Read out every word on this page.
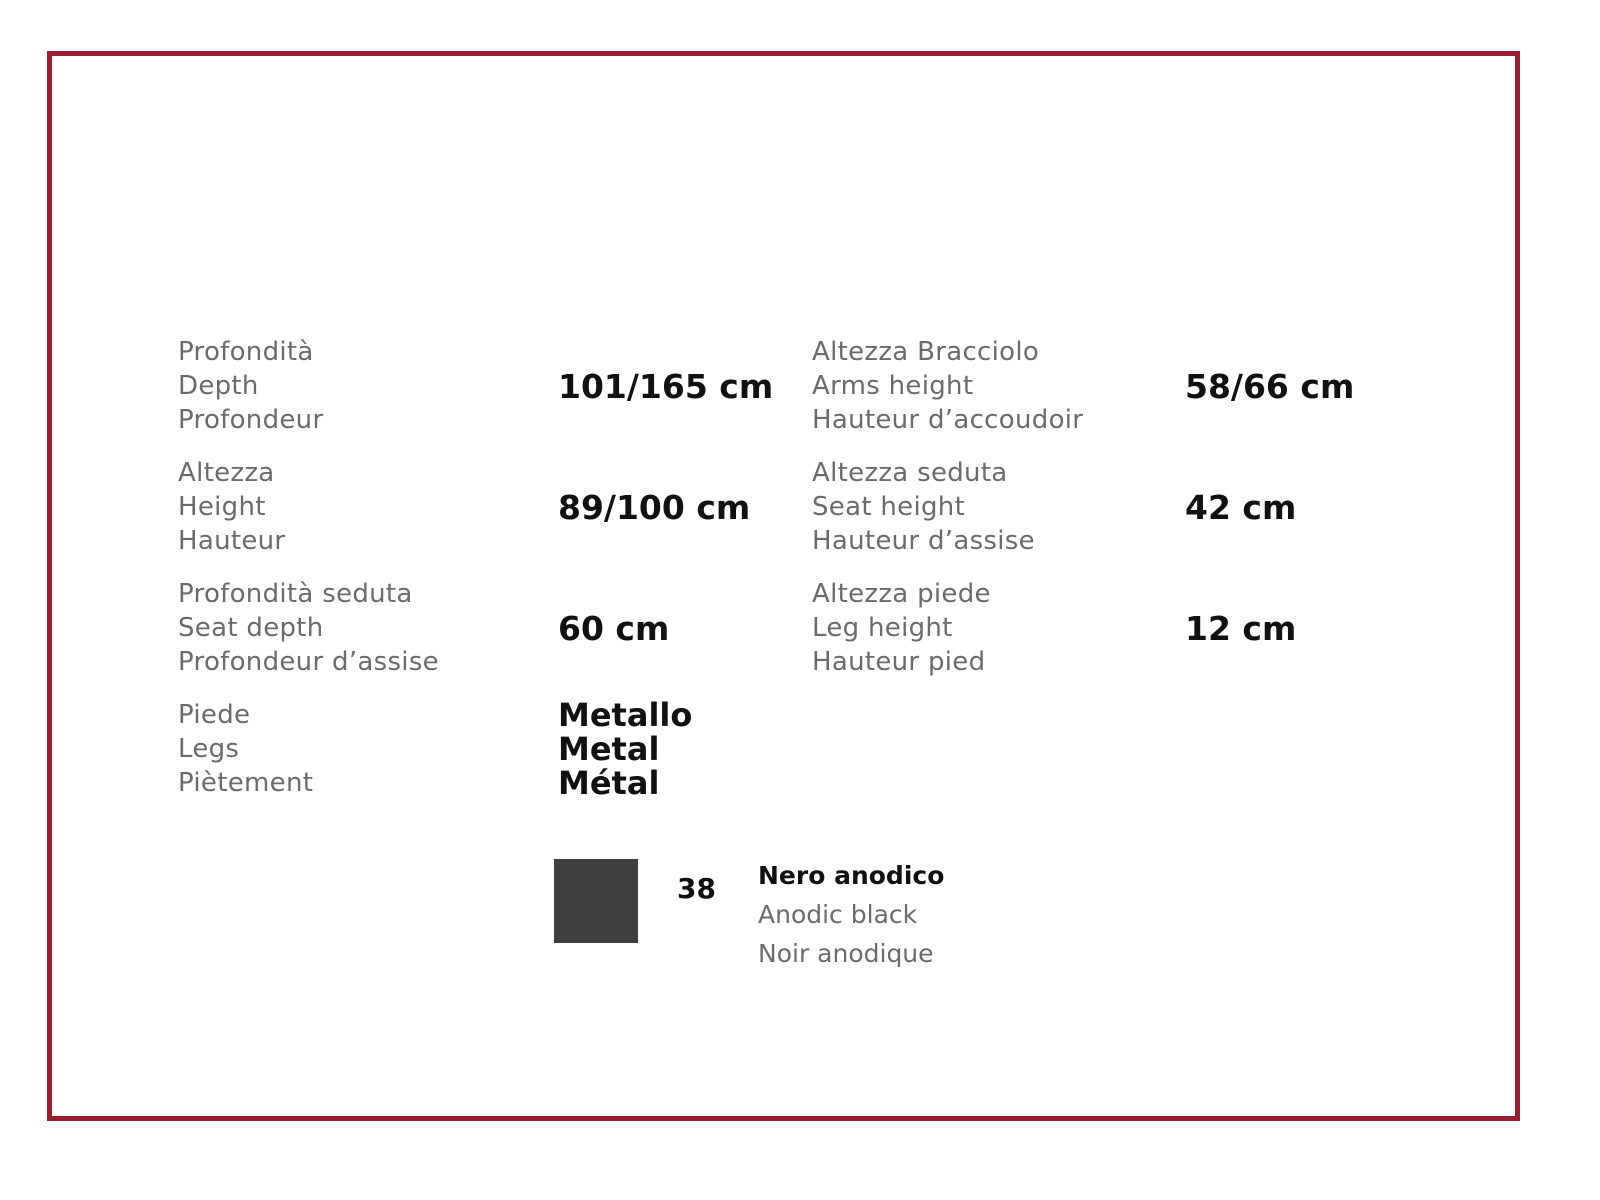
Profondità
Depth
Profondeur
101/165 cm
Altezza Bracciolo
Arms height
Hauteur d’accoudoir
58/66 cm
Altezza
Height
Hauteur
89/100 cm
Altezza seduta
Seat height
Hauteur d’assise
42 cm
Profondità seduta
Seat depth
Profondeur d’assise
60 cm
Altezza piede
Leg height
Hauteur pied
12 cm
Piede
Legs
Piètement
Metallo
Metal
Métal
38 Nero anodico
Anodic black
Noir anodique
